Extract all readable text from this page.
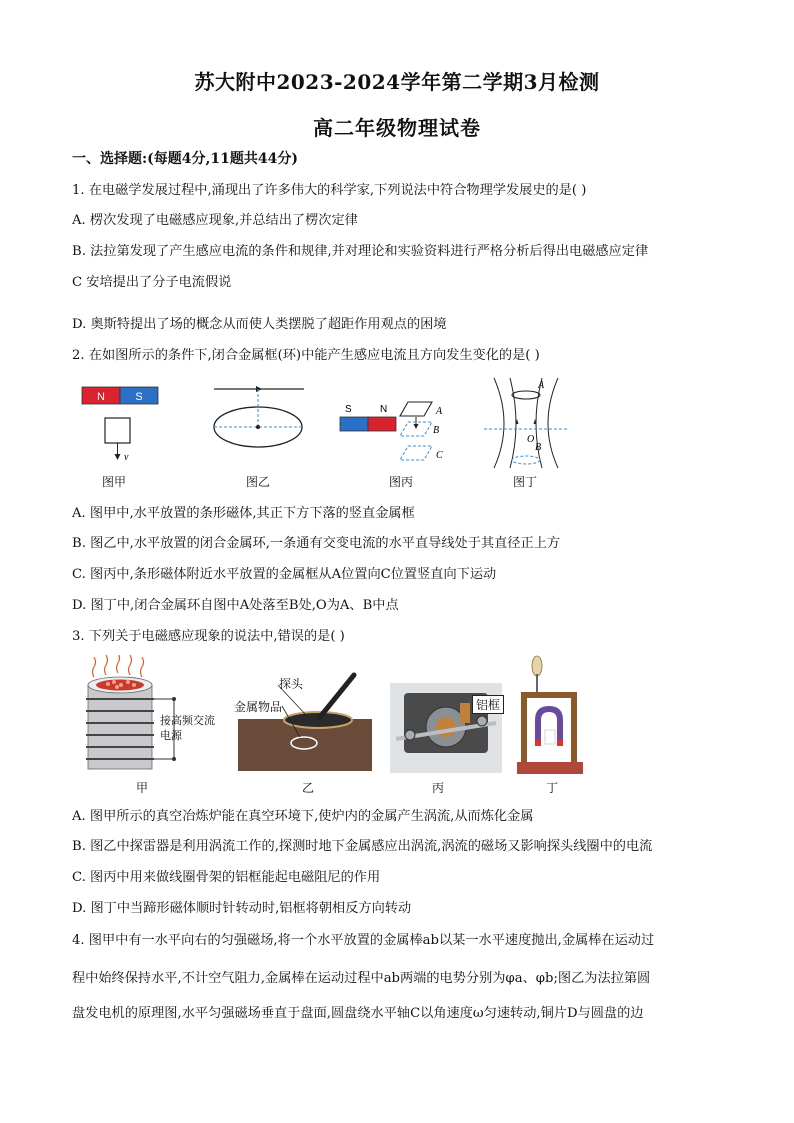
苏大附中2023-2024学年第二学期3月检测
高二年级物理试卷
一、选择题:(每题4分,11题共44分)
1. 在电磁学发展过程中,涌现出了许多伟大的科学家,下列说法中符合物理学发展史的是( )
A. 楞次发现了电磁感应现象,并总结出了楞次定律
B. 法拉第发现了产生感应电流的条件和规律,并对理论和实验资料进行严格分析后得出电磁感应定律
C 安培提出了分子电流假说
D. 奥斯特提出了场的概念从而使人类摆脱了超距作用观点的困境
2. 在如图所示的条件下,闭合金属框(环)中能产生感应电流且方向发生变化的是( )
N	S
v
图甲	图乙
S	N	A
B
C
图丙
A
O
B
图丁
A. 图甲中,水平放置的条形磁体,其正下方下落的竖直金属框
B. 图乙中,水平放置的闭合金属环,一条通有交变电流的水平直导线处于其直径正上方
C. 图丙中,条形磁体附近水平放置的金属框从A位置向C位置竖直向下运动
D. 图丁中,闭合金属环自图中A处落至B处,O为A、B中点
3. 下列关于电磁感应现象的说法中,错误的是( )
接高频交流电源
甲
探头
金属物品
乙
铝框
丙	丁
A. 图甲所示的真空冶炼炉能在真空环境下,使炉内的金属产生涡流,从而炼化金属
B. 图乙中探雷器是利用涡流工作的,探测时地下金属感应出涡流,涡流的磁场又影响探头线圈中的电流
C. 图丙中用来做线圈骨架的铝框能起电磁阻尼的作用
D. 图丁中当蹄形磁体顺时针转动时,铝框将朝相反方向转动
4. 图甲中有一水平向右的匀强磁场,将一个水平放置的金属棒ab以某一水平速度抛出,金属棒在运动过
程中始终保持水平,不计空气阻力,金属棒在运动过程中ab两端的电势分别为φa、φb;图乙为法拉第圆
盘发电机的原理图,水平匀强磁场垂直于盘面,圆盘绕水平轴C以角速度ω匀速转动,铜片D与圆盘的边
